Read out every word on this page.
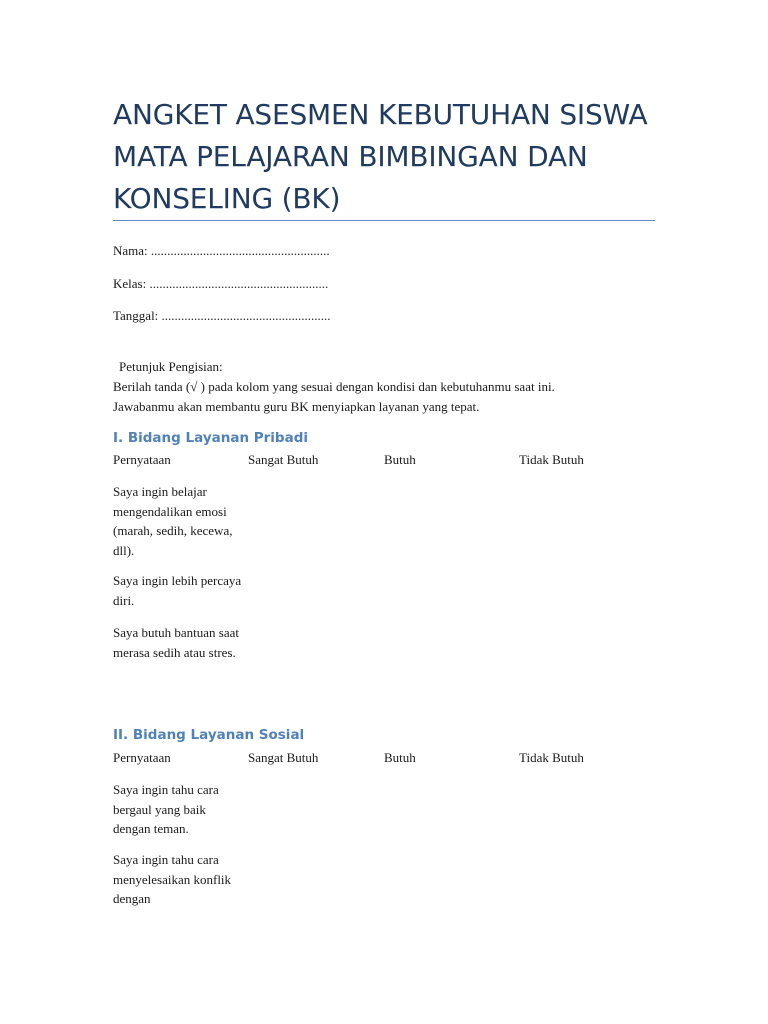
ANGKET ASESMEN KEBUTUHAN SISWA
MATA PELAJARAN BIMBINGAN DAN
KONSELING (BK)
Nama: .......................................................
Kelas: .......................................................
Tanggal: ....................................................
Petunjuk Pengisian:
Berilah tanda (√ ) pada kolom yang sesuai dengan kondisi dan kebutuhanmu saat ini.
Jawabanmu akan membantu guru BK menyiapkan layanan yang tepat.
I. Bidang Layanan Pribadi
Pernyataan	Sangat Butuh	Butuh	Tidak Butuh
Saya ingin belajar mengendalikan emosi (marah, sedih, kecewa, dll).
Saya ingin lebih percaya diri.
Saya butuh bantuan saat merasa sedih atau stres.
II. Bidang Layanan Sosial
Pernyataan	Sangat Butuh	Butuh	Tidak Butuh
Saya ingin tahu cara bergaul yang baik dengan teman.
Saya ingin tahu cara menyelesaikan konflik dengan
